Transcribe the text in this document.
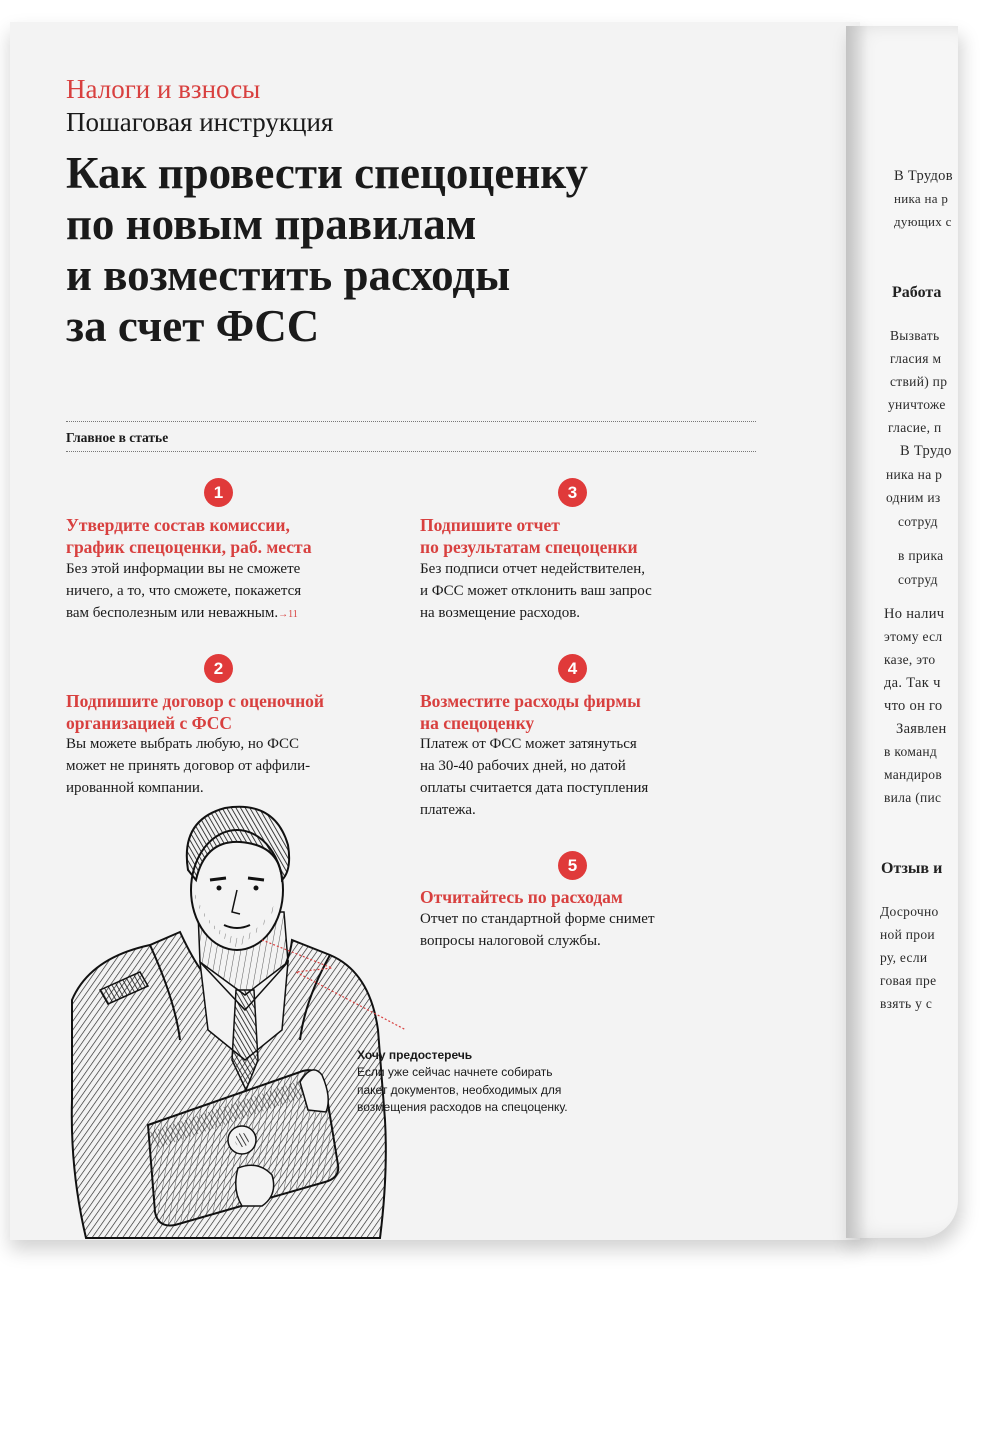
В Трудов
ника на р
дующих с
Работа
Вызвать
гласия м
ствий) пр
уничтоже
гласие, п
В Трудо
ника на р
одним из
сотруд
в прика
сотруд
Но налич
этому есл
казе, это
да. Так ч
что он го
Заявлен
в команд
мандиров
вила (пис
Отзыв и
Досрочно
ной прои
ру, если
говая пре
взять у с
Налоги и взносы
Пошаговая инструкция
Как провести спецоценку
по новым правилам
и возместить расходы
за счет ФСС
Главное в статье
1
Утвердите состав комиссии,
график спецоценки, раб. места
Без этой информации вы не сможете
ничего, а то, что сможете, покажется
вам бесполезным или неважным.→11
2
Подпишите договор с оценочной
организацией с ФСС
Вы можете выбрать любую, но ФСС
может не принять договор от аффили-
ированной компании.
3
Подпишите отчет
по результатам спецоценки
Без подписи отчет недействителен,
и ФСС может отклонить ваш запрос
на возмещение расходов.
4
Возместите расходы фирмы
на спецоценку
Платеж от ФСС может затянуться
на 30-40 рабочих дней, но датой
оплаты считается дата поступления
платежа.
5
Отчитайтесь по расходам
Отчет по стандартной форме снимет
вопросы налоговой службы.
Хочу предостеречь
Если уже сейчас начнете собирать
пакет документов, необходимых для
возмещения расходов на спецоценку.
